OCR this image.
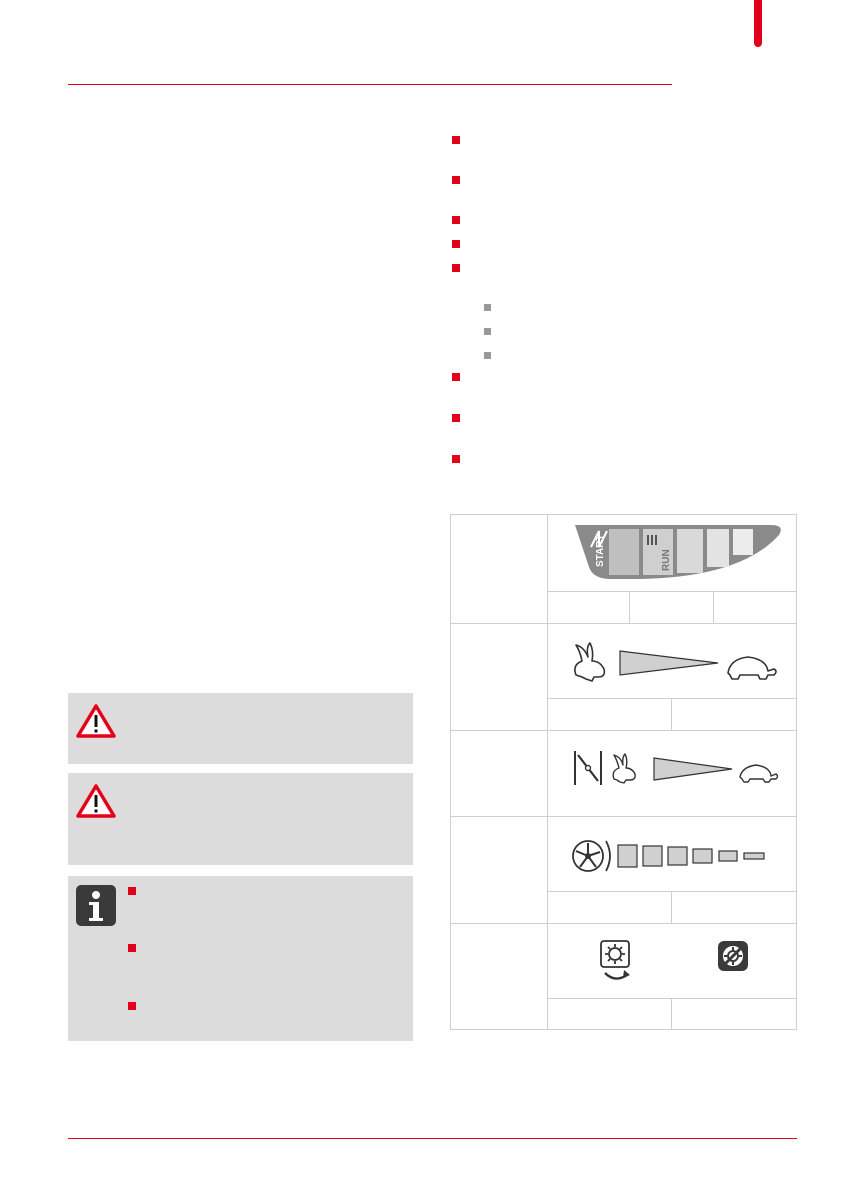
START	RUN
